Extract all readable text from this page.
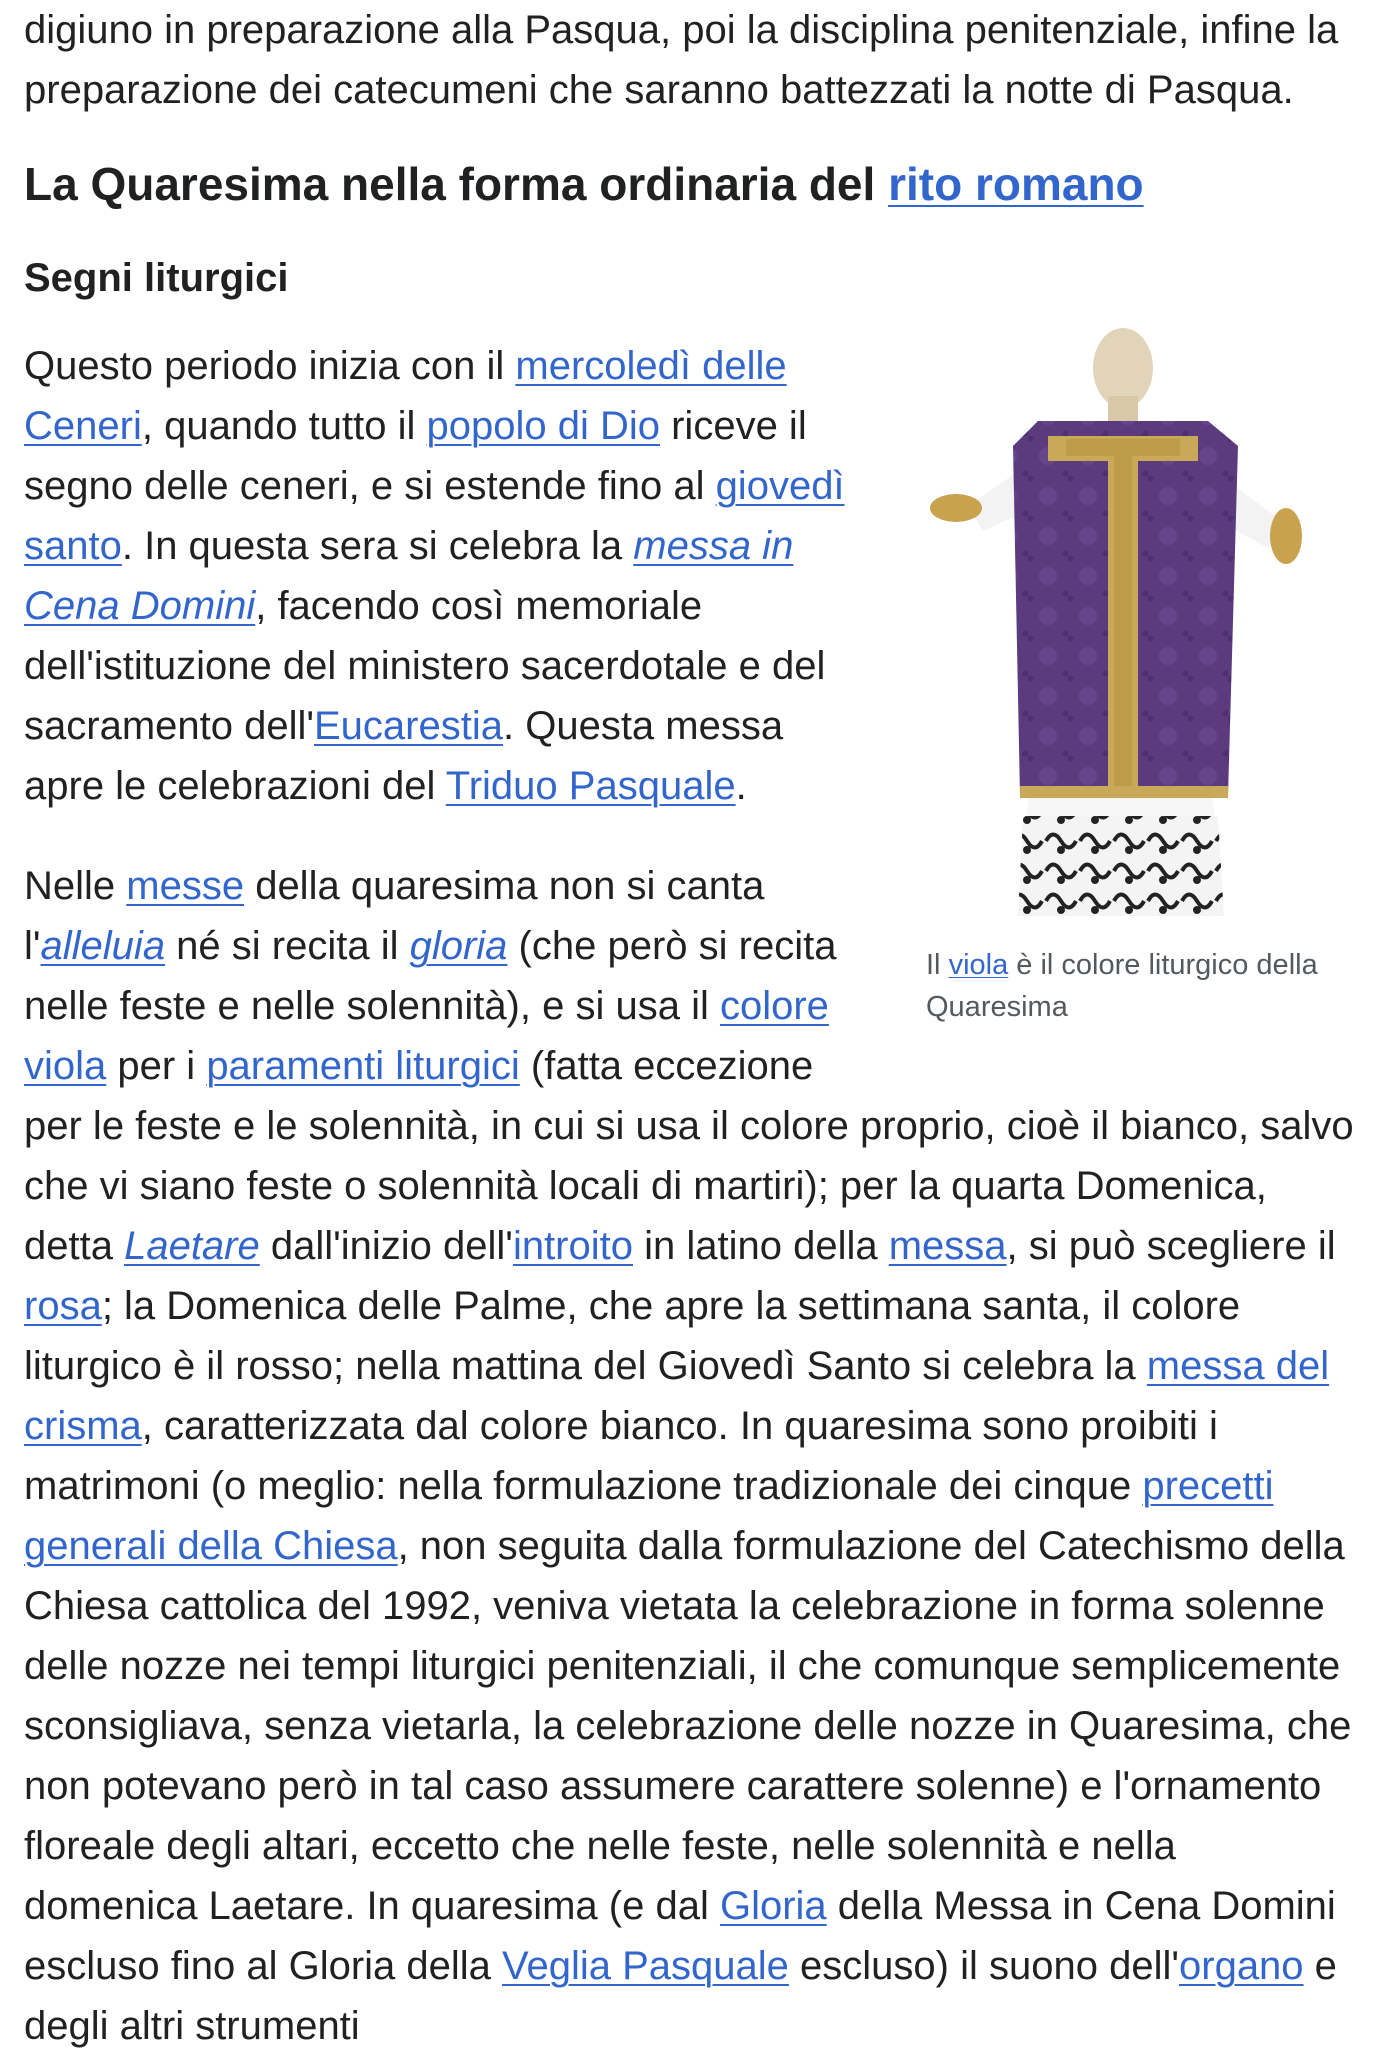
digiuno in preparazione alla Pasqua, poi la disciplina penitenziale, infine la preparazione dei catecumeni che saranno battezzati la notte di Pasqua.

La Quaresima nella forma ordinaria del rito romano
Segni liturgici
Il viola è il colore liturgico della Quaresima

Questo periodo inizia con il mercoledì delle Ceneri, quando tutto il popolo di Dio riceve il segno delle ceneri, e si estende fino al giovedì santo. In questa sera si celebra la messa in Cena Domini, facendo così memoriale dell'istituzione del ministero sacerdotale e del sacramento dell'Eucarestia. Questa messa apre le celebrazioni del Triduo Pasquale.

Nelle messe della quaresima non si canta l'alleluia né si recita il gloria (che però si recita nelle feste e nelle solennità), e si usa il colore viola per i paramenti liturgici (fatta eccezione per le feste e le solennità, in cui si usa il colore proprio, cioè il bianco, salvo che vi siano feste o solennità locali di martiri); per la quarta Domenica, detta Laetare dall'inizio dell'introito in latino della messa, si può scegliere il rosa; la Domenica delle Palme, che apre la settimana santa, il colore liturgico è il rosso; nella mattina del Giovedì Santo si celebra la messa del crisma, caratterizzata dal colore bianco. In quaresima sono proibiti i matrimoni (o meglio: nella formulazione tradizionale dei cinque precetti generali della Chiesa, non seguita dalla formulazione del Catechismo della Chiesa cattolica del 1992, veniva vietata la celebrazione in forma solenne delle nozze nei tempi liturgici penitenziali, il che comunque semplicemente sconsigliava, senza vietarla, la celebrazione delle nozze in Quaresima, che non potevano però in tal caso assumere carattere solenne) e l'ornamento floreale degli altari, eccetto che nelle feste, nelle solennità e nella domenica Laetare. In quaresima (e dal Gloria della Messa in Cena Domini escluso fino al Gloria della Veglia Pasquale escluso) il suono dell'organo e degli altri strumenti
